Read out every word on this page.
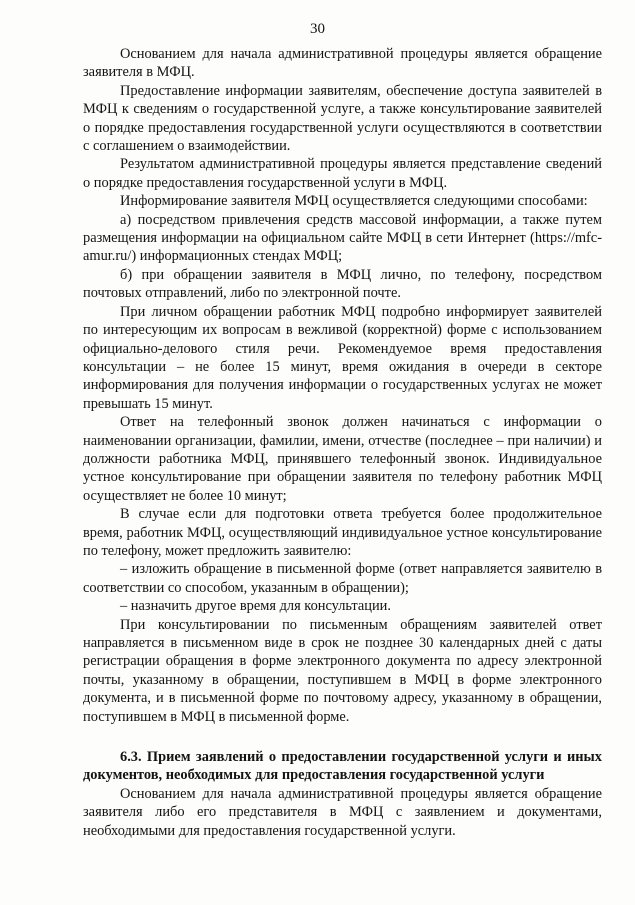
30

Основанием для начала административной процедуры является обращение заявителя в МФЦ.

Предоставление информации заявителям, обеспечение доступа заявителей в МФЦ к сведениям о государственной услуге, а также консультирование заявителей о порядке предоставления государственной услуги осуществляются в соответствии с соглашением о взаимодействии.

Результатом административной процедуры является представление сведений о порядке предоставления государственной услуги в МФЦ.

Информирование заявителя МФЦ осуществляется следующими способами:

а) посредством привлечения средств массовой информации, а также путем размещения информации на официальном сайте МФЦ в сети Интернет (https://mfc-amur.ru/) информационных стендах МФЦ;

б) при обращении заявителя в МФЦ лично, по телефону, посредством почтовых отправлений, либо по электронной почте.

При личном обращении работник МФЦ подробно информирует заявителей по интересующим их вопросам в вежливой (корректной) форме с использованием официально-делового стиля речи. Рекомендуемое время предоставления консультации – не более 15 минут, время ожидания в очереди в секторе информирования для получения информации о государственных услугах не может превышать 15 минут.

Ответ на телефонный звонок должен начинаться с информации о наименовании организации, фамилии, имени, отчестве (последнее – при наличии) и должности работника МФЦ, принявшего телефонный звонок. Индивидуальное устное консультирование при обращении заявителя по телефону работник МФЦ осуществляет не более 10 минут;

В случае если для подготовки ответа требуется более продолжительное время, работник МФЦ, осуществляющий индивидуальное устное консультирование по телефону, может предложить заявителю:

– изложить обращение в письменной форме (ответ направляется заявителю в соответствии со способом, указанным в обращении);

– назначить другое время для консультации.

При консультировании по письменным обращениям заявителей ответ направляется в письменном виде в срок не позднее 30 календарных дней с даты регистрации обращения в форме электронного документа по адресу электронной почты, указанному в обращении, поступившем в МФЦ в форме электронного документа, и в письменной форме по почтовому адресу, указанному в обращении, поступившем в МФЦ в письменной форме.

6.3. Прием заявлений о предоставлении государственной услуги и иных документов, необходимых для предоставления государственной услуги

Основанием для начала административной процедуры является обращение заявителя либо его представителя в МФЦ с заявлением и документами, необходимыми для предоставления государственной услуги.
